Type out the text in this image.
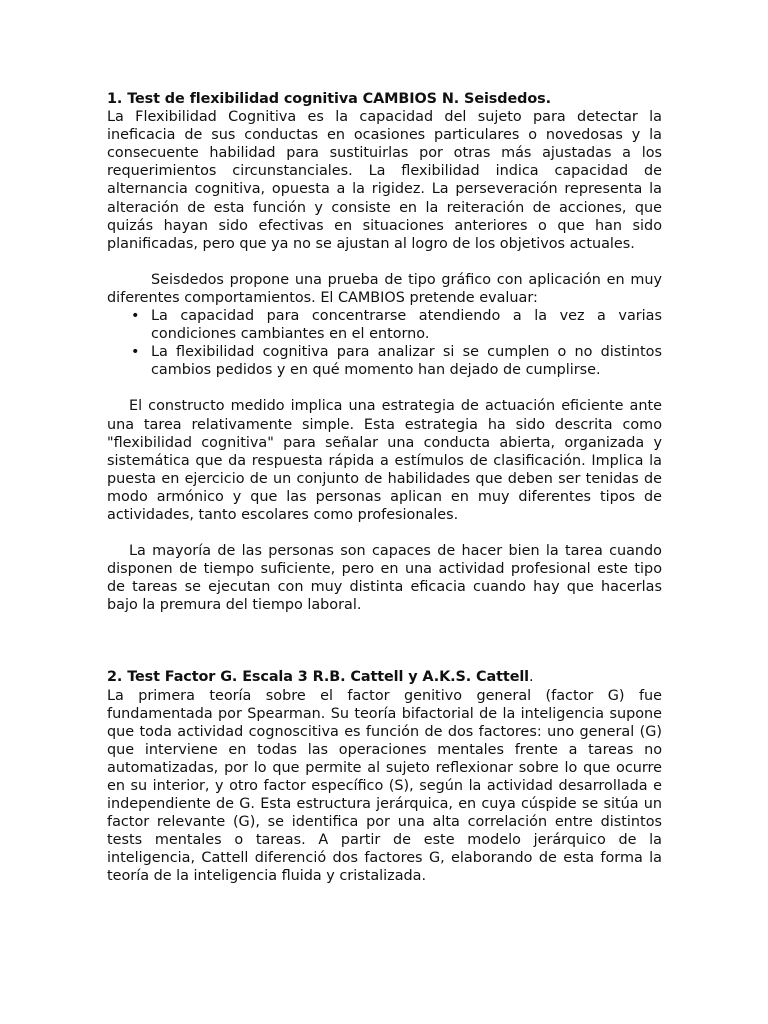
1. Test de flexibilidad cognitiva CAMBIOS N. Seisdedos.

La Flexibilidad Cognitiva es la capacidad del sujeto para detectar la ineficacia de sus conductas en ocasiones particulares o novedosas y la consecuente habilidad para sustituirlas por otras más ajustadas a los requerimientos circunstanciales. La flexibilidad indica capacidad de alternancia cognitiva, opuesta a la rigidez. La perseveración representa la alteración de esta función y consiste en la reiteración de acciones, que quizás hayan sido efectivas en situaciones anteriores o que han sido planificadas, pero que ya no se ajustan al logro de los objetivos actuales.

Seisdedos propone una prueba de tipo gráfico con aplicación en muy diferentes comportamientos. El CAMBIOS pretende evaluar:

• La capacidad para concentrarse atendiendo a la vez a varias condiciones cambiantes en el entorno.
• La flexibilidad cognitiva para analizar si se cumplen o no distintos cambios pedidos y en qué momento han dejado de cumplirse.

El constructo medido implica una estrategia de actuación eficiente ante una tarea relativamente simple. Esta estrategia ha sido descrita como "flexibilidad cognitiva" para señalar una conducta abierta, organizada y sistemática que da respuesta rápida a estímulos de clasificación. Implica la puesta en ejercicio de un conjunto de habilidades que deben ser tenidas de modo armónico y que las personas aplican en muy diferentes tipos de actividades, tanto escolares como profesionales.

La mayoría de las personas son capaces de hacer bien la tarea cuando disponen de tiempo suficiente, pero en una actividad profesional este tipo de tareas se ejecutan con muy distinta eficacia cuando hay que hacerlas bajo la premura del tiempo laboral.

2. Test Factor G. Escala 3 R.B. Cattell y A.K.S. Cattell.

La primera teoría sobre el factor genitivo general (factor G) fue fundamentada por Spearman. Su teoría bifactorial de la inteligencia supone que toda actividad cognoscitiva es función de dos factores: uno general (G) que interviene en todas las operaciones mentales frente a tareas no automatizadas, por lo que permite al sujeto reflexionar sobre lo que ocurre en su interior, y otro factor específico (S), según la actividad desarrollada e independiente de G. Esta estructura jerárquica, en cuya cúspide se sitúa un factor relevante (G), se identifica por una alta correlación entre distintos tests mentales o tareas. A partir de este modelo jerárquico de la inteligencia, Cattell diferenció dos factores G, elaborando de esta forma la teoría de la inteligencia fluida y cristalizada.
